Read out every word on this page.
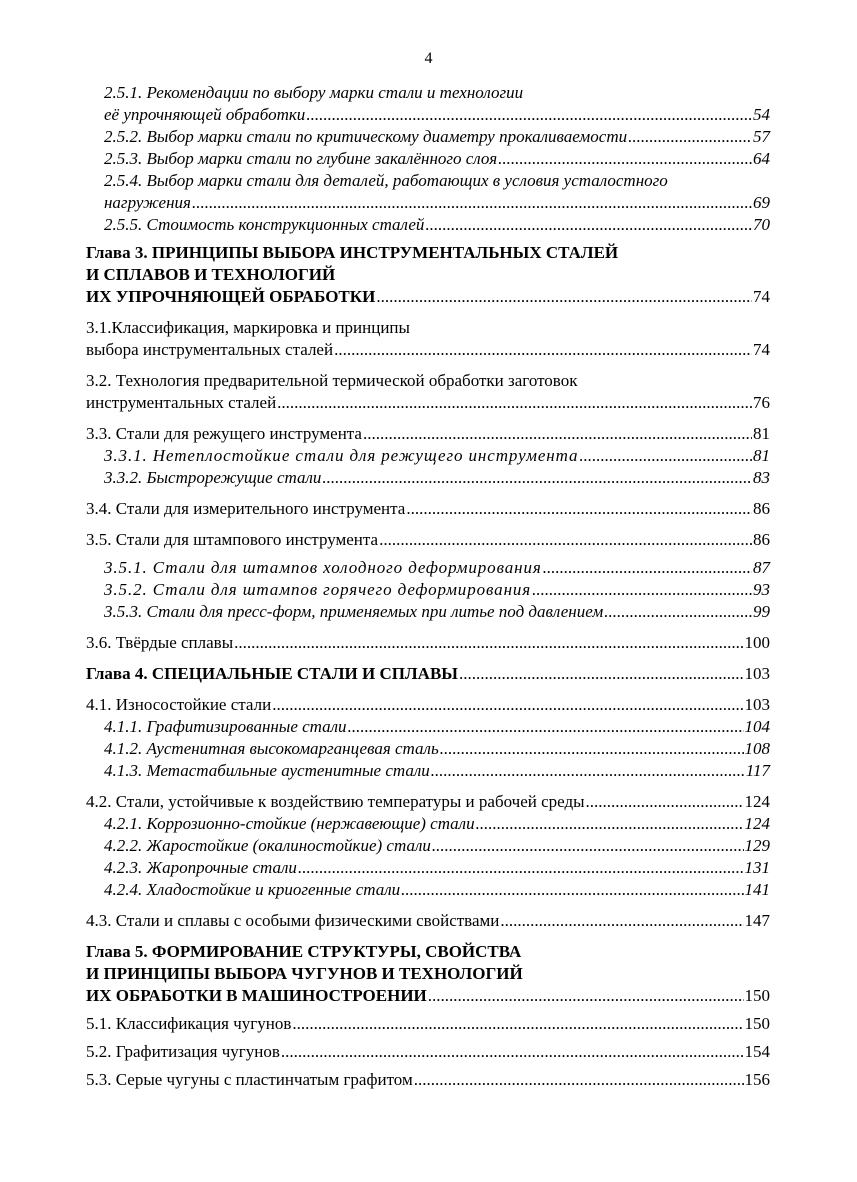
4
2.5.1. Рекомендации по выбору марки стали и технологии
её упрочняющей обработки .....	54
2.5.2. Выбор марки стали по критическому диаметру прокаливаемости .....	57
2.5.3. Выбор марки стали по глубине закалённого слоя .....	64
2.5.4. Выбор марки стали для деталей, работающих в условия усталостного
нагружения .....	69
2.5.5. Стоимость конструкционных сталей .....	70
Глава 3. ПРИНЦИПЫ ВЫБОРА ИНСТРУМЕНТАЛЬНЫХ СТАЛЕЙ
И СПЛАВОВ И ТЕХНОЛОГИЙ
ИХ УПРОЧНЯЮЩЕЙ ОБРАБОТКИ .....	74
3.1.Классификация, маркировка и принципы
выбора инструментальных сталей .....	74
3.2. Технология предварительной термической обработки заготовок
инструментальных сталей .....	76
3.3. Стали для режущего инструмента .....	81
3.3.1. Нетеплостойкие стали для режущего инструмента .....	81
3.3.2. Быстрорежущие стали .....	83
3.4. Стали для измерительного инструмента .....	86
3.5. Стали для штампового инструмента .....	86
3.5.1. Стали для штампов холодного деформирования .....	87
3.5.2. Стали для штампов горячего деформирования .....	93
3.5.3. Стали для пресс-форм, применяемых при литье под давлением .....	99
3.6. Твёрдые сплавы .....	100
Глава 4. СПЕЦИАЛЬНЫЕ СТАЛИ И СПЛАВЫ .....	103
4.1. Износостойкие стали .....	103
4.1.1. Графитизированные стали .....	104
4.1.2. Аустенитная высокомарганцевая сталь .....	108
4.1.3. Метастабильные аустенитные стали .....	117
4.2. Стали, устойчивые к воздействию температуры и рабочей среды .....	124
4.2.1. Коррозионно-стойкие (нержавеющие) стали .....	124
4.2.2. Жаростойкие (окалиностойкие) стали .....	129
4.2.3. Жаропрочные стали .....	131
4.2.4. Хладостойкие и криогенные стали .....	141
4.3. Стали и сплавы с особыми физическими свойствами .....	147
Глава 5. ФОРМИРОВАНИЕ СТРУКТУРЫ, СВОЙСТВА
И ПРИНЦИПЫ ВЫБОРА ЧУГУНОВ И ТЕХНОЛОГИЙ
ИХ ОБРАБОТКИ В МАШИНОСТРОЕНИИ .....	150
5.1. Классификация чугунов .....	150
5.2. Графитизация чугунов .....	154
5.3. Серые чугуны с пластинчатым графитом .....	156
